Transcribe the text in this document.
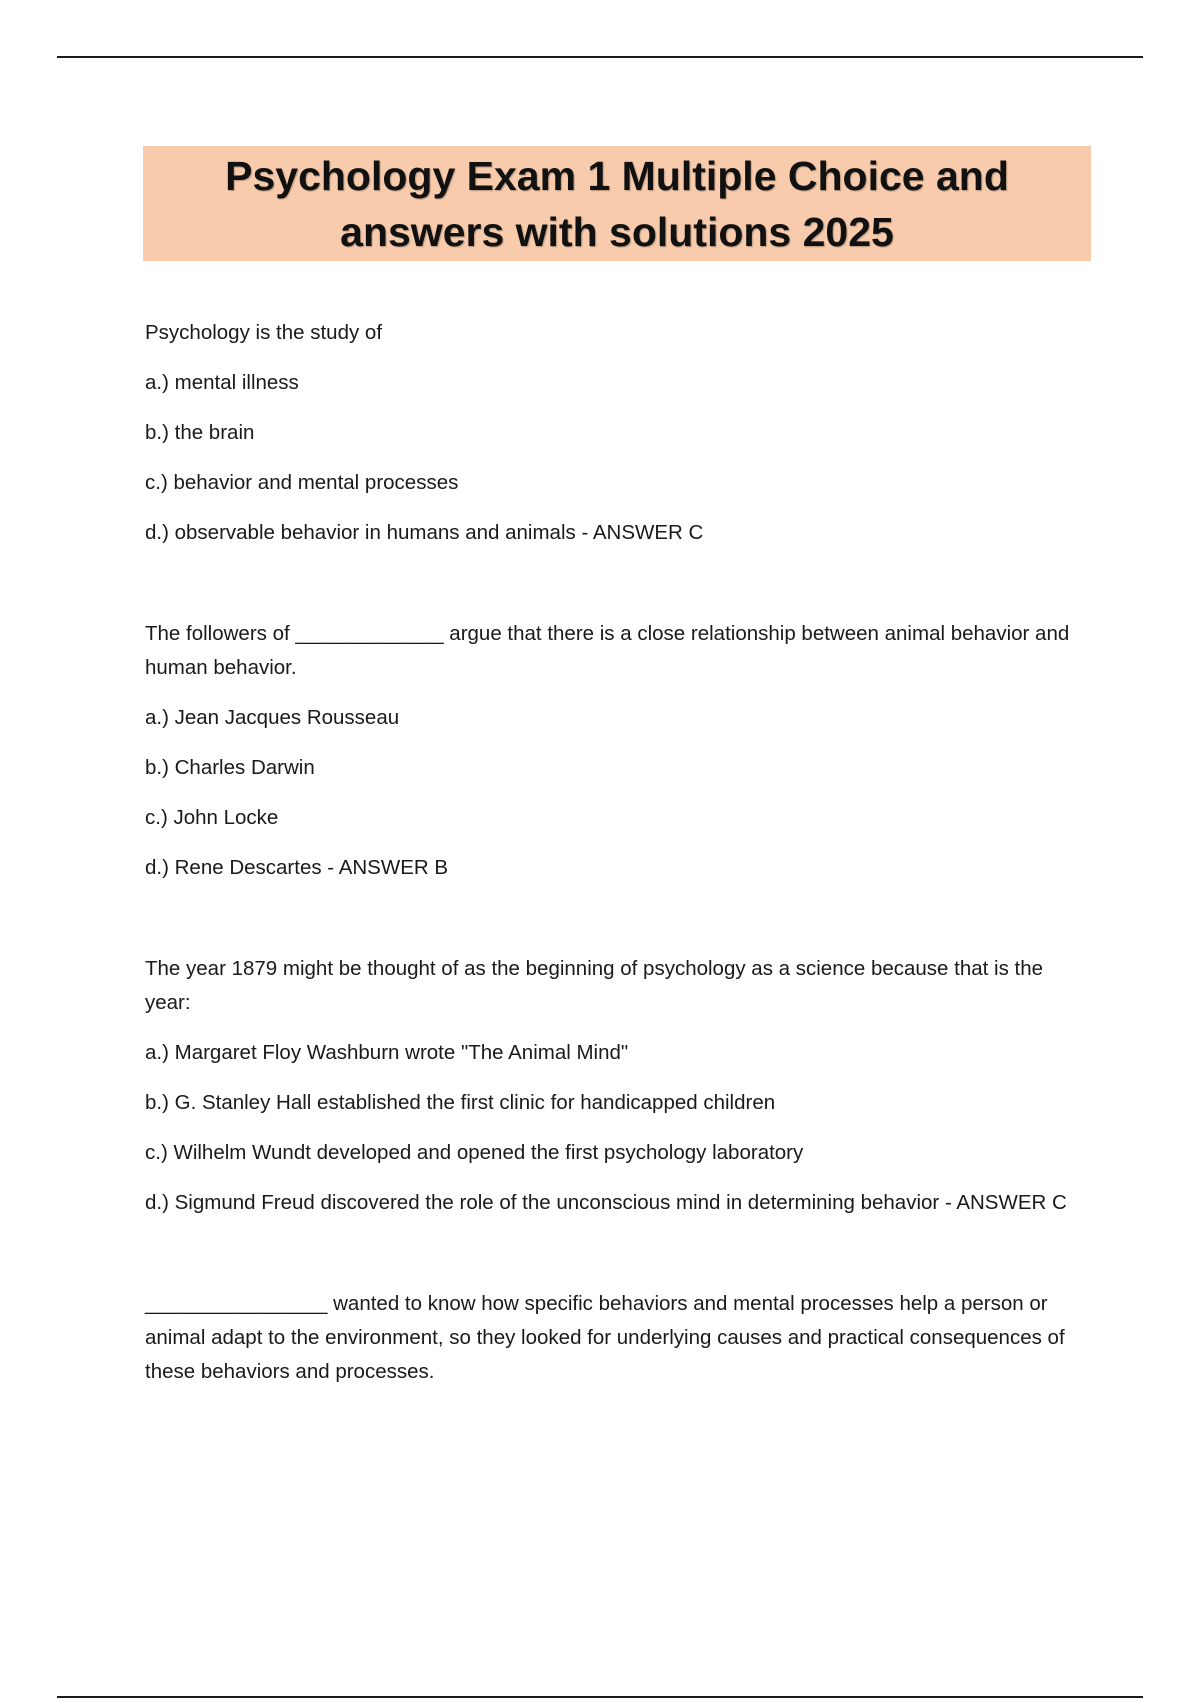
Psychology Exam 1 Multiple Choice and answers with solutions 2025

Psychology is the study of

a.) mental illness

b.) the brain

c.) behavior and mental processes

d.) observable behavior in humans and animals - ANSWER C

The followers of _____________ argue that there is a close relationship between animal behavior and human behavior.

a.) Jean Jacques Rousseau

b.) Charles Darwin

c.) John Locke

d.) Rene Descartes - ANSWER B

The year 1879 might be thought of as the beginning of psychology as a science because that is the year:

a.) Margaret Floy Washburn wrote "The Animal Mind"

b.) G. Stanley Hall established the first clinic for handicapped children

c.) Wilhelm Wundt developed and opened the first psychology laboratory

d.) Sigmund Freud discovered the role of the unconscious mind in determining behavior - ANSWER C

________________ wanted to know how specific behaviors and mental processes help a person or animal adapt to the environment, so they looked for underlying causes and practical consequences of these behaviors and processes.
